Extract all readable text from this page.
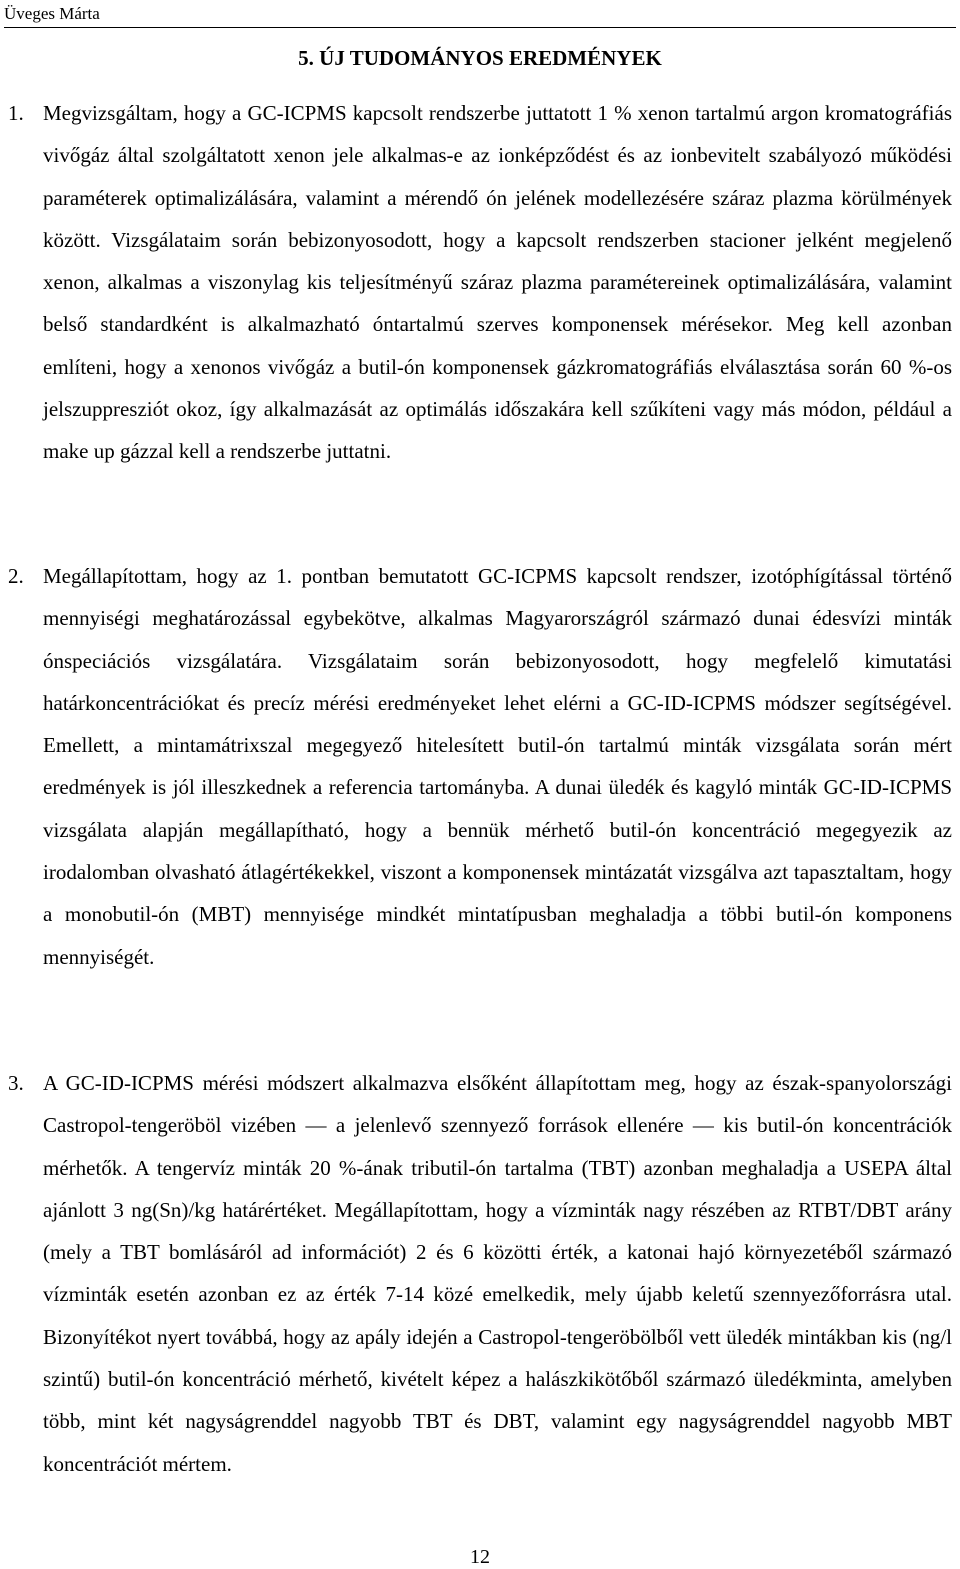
Üveges Márta
5. ÚJ TUDOMÁNYOS EREDMÉNYEK
1. Megvizsgáltam, hogy a GC-ICPMS kapcsolt rendszerbe juttatott 1 % xenon tartalmú argon kromatográfiás vivőgáz által szolgáltatott xenon jele alkalmas-e az ionképződést és az ionbevitelt szabályozó működési paraméterek optimalizálására, valamint a mérendő ón jelének modellezésére száraz plazma körülmények között. Vizsgálataim során bebizonyosodott, hogy a kapcsolt rendszerben stacioner jelként megjelenő xenon, alkalmas a viszonylag kis teljesítményű száraz plazma paramétereinek optimalizálására, valamint belső standardként is alkalmazható óntartalmú szerves komponensek mérésekor. Meg kell azonban említeni, hogy a xenonos vivőgáz a butil-ón komponensek gázkromatográfiás elválasztása során 60 %-os jelszuppresziót okoz, így alkalmazását az optimálás időszakára kell szűkíteni vagy más módon, például a make up gázzal kell a rendszerbe juttatni.
2. Megállapítottam, hogy az 1. pontban bemutatott GC-ICPMS kapcsolt rendszer, izotóphígítással történő mennyiségi meghatározással egybekötve, alkalmas Magyarországról származó dunai édesvízi minták ónspeciációs vizsgálatára. Vizsgálataim során bebizonyosodott, hogy megfelelő kimutatási határkoncentrációkat és precíz mérési eredményeket lehet elérni a GC-ID-ICPMS módszer segítségével. Emellett, a mintamátrixszal megegyező hitelesített butil-ón tartalmú minták vizsgálata során mért eredmények is jól illeszkednek a referencia tartományba. A dunai üledék és kagyló minták GC-ID-ICPMS vizsgálata alapján megállapítható, hogy a bennük mérhető butil-ón koncentráció megegyezik az irodalomban olvasható átlagértékekkel, viszont a komponensek mintázatát vizsgálva azt tapasztaltam, hogy a monobutil-ón (MBT) mennyisége mindkét mintatípusban meghaladja a többi butil-ón komponens mennyiségét.
3. A GC-ID-ICPMS mérési módszert alkalmazva elsőként állapítottam meg, hogy az észak-spanyolországi Castropol-tengeröböl vizében — a jelenlevő szennyező források ellenére — kis butil-ón koncentrációk mérhetők. A tengervíz minták 20 %-ának tributil-ón tartalma (TBT) azonban meghaladja a USEPA által ajánlott 3 ng(Sn)/kg határértéket. Megállapítottam, hogy a vízminták nagy részében az RTBT/DBT arány (mely a TBT bomlásáról ad információt) 2 és 6 közötti érték, a katonai hajó környezetéből származó vízminták esetén azonban ez az érték 7-14 közé emelkedik, mely újabb keletű szennyezőforrásra utal. Bizonyítékot nyert továbbá, hogy az apály idején a Castropol-tengeröbölből vett üledék mintákban kis (ng/l szintű) butil-ón koncentráció mérhető, kivételt képez a halászkikötőből származó üledékminta, amelyben több, mint két nagyságrenddel nagyobb TBT és DBT, valamint egy nagyságrenddel nagyobb MBT koncentrációt mértem.
12
